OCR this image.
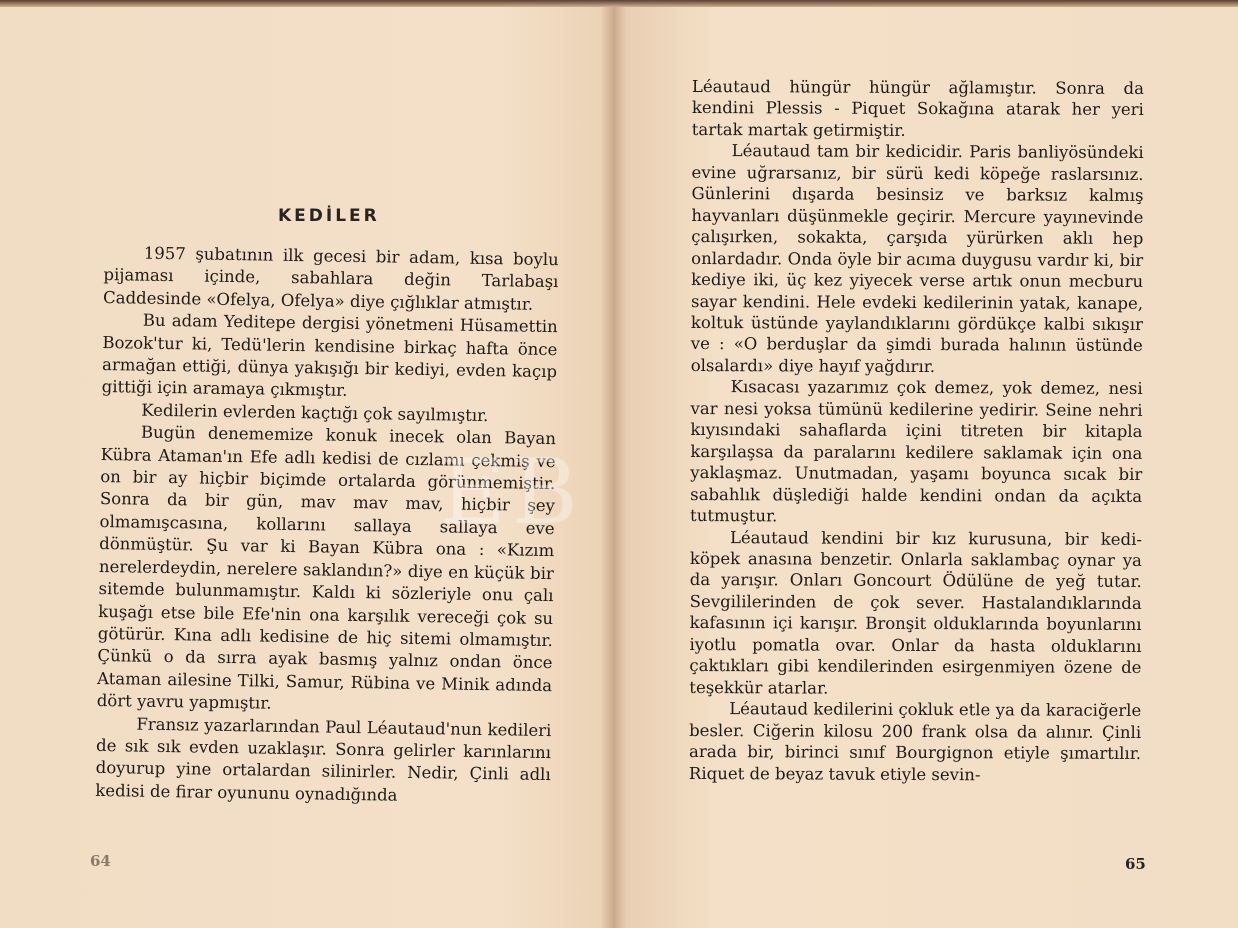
KEDİLER

1957 şubatının ilk gecesi bir adam, kısa boylu pijaması içinde, sabahlara değin Tarlabaşı Caddesinde «Ofelya, Ofelya» diye çığlıklar atmıştır.

Bu adam Yeditepe dergisi yönetmeni Hüsamettin Bozok'tur ki, Tedü'lerin kendisine birkaç hafta önce armağan ettiği, dünya yakışığı bir kediyi, evden kaçıp gittiği için aramaya çıkmıştır.

Kedilerin evlerden kaçtığı çok sayılmıştır.

Bugün denememize konuk inecek olan Bayan Kübra Ataman'ın Efe adlı kedisi de cızlamı çekmiş ve on bir ay hiçbir biçimde ortalarda görünmemiştir. Sonra da bir gün, mav mav mav, hiçbir şey olmamışcasına, kollarını sallaya sallaya eve dönmüştür. Şu var ki Bayan Kübra ona : «Kızım nerelerdeydin, nerelere saklandın?» diye en küçük bir sitemde bulunmamıştır. Kaldı ki sözleriyle onu çalı kuşağı etse bile Efe'nin ona karşılık vereceği çok su götürür. Kına adlı kedisine de hiç sitemi olmamıştır. Çünkü o da sırra ayak basmış yalnız ondan önce Ataman ailesine Tilki, Samur, Rübina ve Minik adında dört yavru yapmıştır.

Fransız yazarlarından Paul Léautaud'nun kedileri de sık sık evden uzaklaşır. Sonra gelirler karınlarını doyurup yine ortalardan silinirler. Nedir, Çinli adlı kedisi de firar oyununu oynadığında

64

Léautaud hüngür hüngür ağlamıştır. Sonra da kendini Plessis - Piquet Sokağına atarak her yeri tartak martak getirmiştir.

Léautaud tam bir kedicidir. Paris banliyösündeki evine uğrarsanız, bir sürü kedi köpeğe raslarsınız. Günlerini dışarda besinsiz ve barksız kalmış hayvanları düşünmekle geçirir. Mercure yayınevinde çalışırken, sokakta, çarşıda yürürken aklı hep onlardadır. Onda öyle bir acıma duygusu vardır ki, bir kediye iki, üç kez yiyecek verse artık onun mecburu sayar kendini. Hele evdeki kedilerinin yatak, kanape, koltuk üstünde yaylandıklarını gördükçe kalbi sıkışır ve : «O berduşlar da şimdi burada halının üstünde olsalardı» diye hayıf yağdırır.

Kısacası yazarımız çok demez, yok demez, nesi var nesi yoksa tümünü kedilerine yedirir. Seine nehri kıyısındaki sahaflarda içini titreten bir kitapla karşılaşsa da paralarını kedilere saklamak için ona yaklaşmaz. Unutmadan, yaşamı boyunca sıcak bir sabahlık düşlediği halde kendini ondan da açıkta tutmuştur.

Léautaud kendini bir kız kurusuna, bir kedi-köpek anasına benzetir. Onlarla saklambaç oynar ya da yarışır. Onları Goncourt Ödülüne de yeğ tutar. Sevgililerinden de çok sever. Hastalandıklarında kafasının içi karışır. Bronşit olduklarında boyunlarını iyotlu pomatla ovar. Onlar da hasta olduklarını çaktıkları gibi kendilerinden esirgenmiyen özene de teşekkür atarlar.

Léautaud kedilerini çokluk etle ya da karaciğerle besler. Ciğerin kilosu 200 frank olsa da alınır. Çinli arada bir, birinci sınıf Bourgignon etiyle şımartılır. Riquet de beyaz tavuk etiyle sevin-

65
EB
